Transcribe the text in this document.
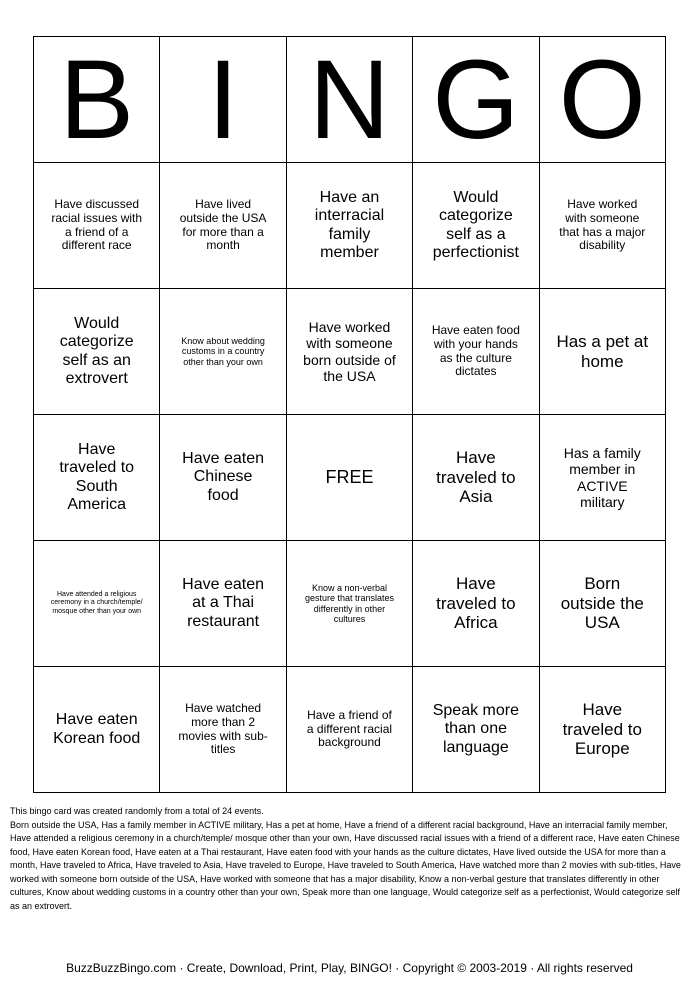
B	I	N	G	O
Have discussed racial issues with a friend of a different race	Have lived outside the USA for more than a month	Have an interracial family member	Would categorize self as a perfectionist	Have worked with someone that has a major disability
Would categorize self as an extrovert	Know about wedding customs in a country other than your own	Have worked with someone born outside of the USA	Have eaten food with your hands as the culture dictates	Has a pet at home
Have traveled to South America	Have eaten Chinese food	FREE	Have traveled to Asia	Has a family member in ACTIVE military
Have attended a religious ceremony in a church/temple/ mosque other than your own	Have eaten at a Thai restaurant	Know a non-verbal gesture that translates differently in other cultures	Have traveled to Africa	Born outside the USA
Have eaten Korean food	Have watched more than 2 movies with sub-titles	Have a friend of a different racial background	Speak more than one language	Have traveled to Europe

This bingo card was created randomly from a total of 24 events.

Born outside the USA, Has a family member in ACTIVE military, Has a pet at home, Have a friend of a different racial background, Have an interracial family member, Have attended a religious ceremony in a church/temple/ mosque other than your own, Have discussed racial issues with a friend of a different race, Have eaten Chinese food, Have eaten Korean food, Have eaten at a Thai restaurant, Have eaten food with your hands as the culture dictates, Have lived outside the USA for more than a month, Have traveled to Africa, Have traveled to Asia, Have traveled to Europe, Have traveled to South America, Have watched more than 2 movies with sub-titles, Have worked with someone born outside of the USA, Have worked with someone that has a major disability, Know a non-verbal gesture that translates differently in other cultures, Know about wedding customs in a country other than your own, Speak more than one language, Would categorize self as a perfectionist, Would categorize self as an extrovert.

BuzzBuzzBingo.com · Create, Download, Print, Play, BINGO! · Copyright © 2003-2019 · All rights reserved
